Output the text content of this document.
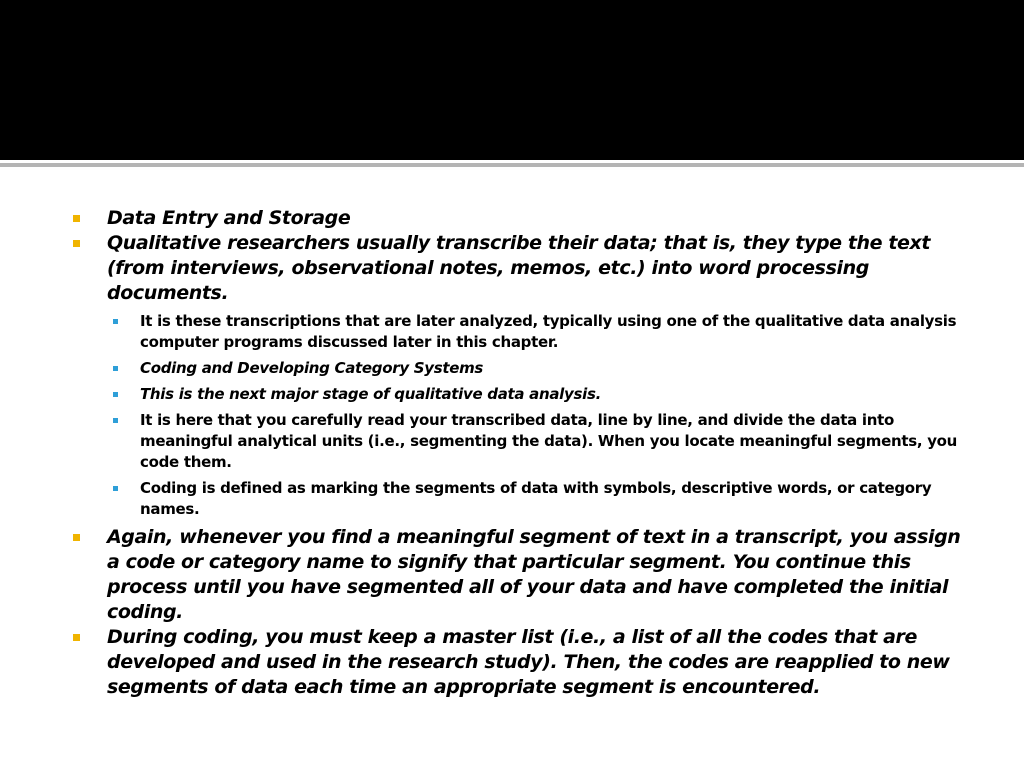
Data Entry and Storage
Qualitative researchers usually transcribe their data; that is, they type the text (from interviews, observational notes, memos, etc.) into word processing documents.
It is these transcriptions that are later analyzed, typically using one of the qualitative data analysis computer programs discussed later in this chapter.
Coding and Developing Category Systems
This is the next major stage of qualitative data analysis.
It is here that you carefully read your transcribed data, line by line, and divide the data into meaningful analytical units (i.e., segmenting the data). When you locate meaningful segments, you code them.
Coding is defined as marking the segments of data with symbols, descriptive words, or category names.
Again, whenever you find a meaningful segment of text in a transcript, you assign a code or category name to signify that particular segment. You continue this process until you have segmented all of your data and have completed the initial coding.
During coding, you must keep a master list (i.e., a list of all the codes that are developed and used in the research study). Then, the codes are reapplied to new segments of data each time an appropriate segment is encountered.
